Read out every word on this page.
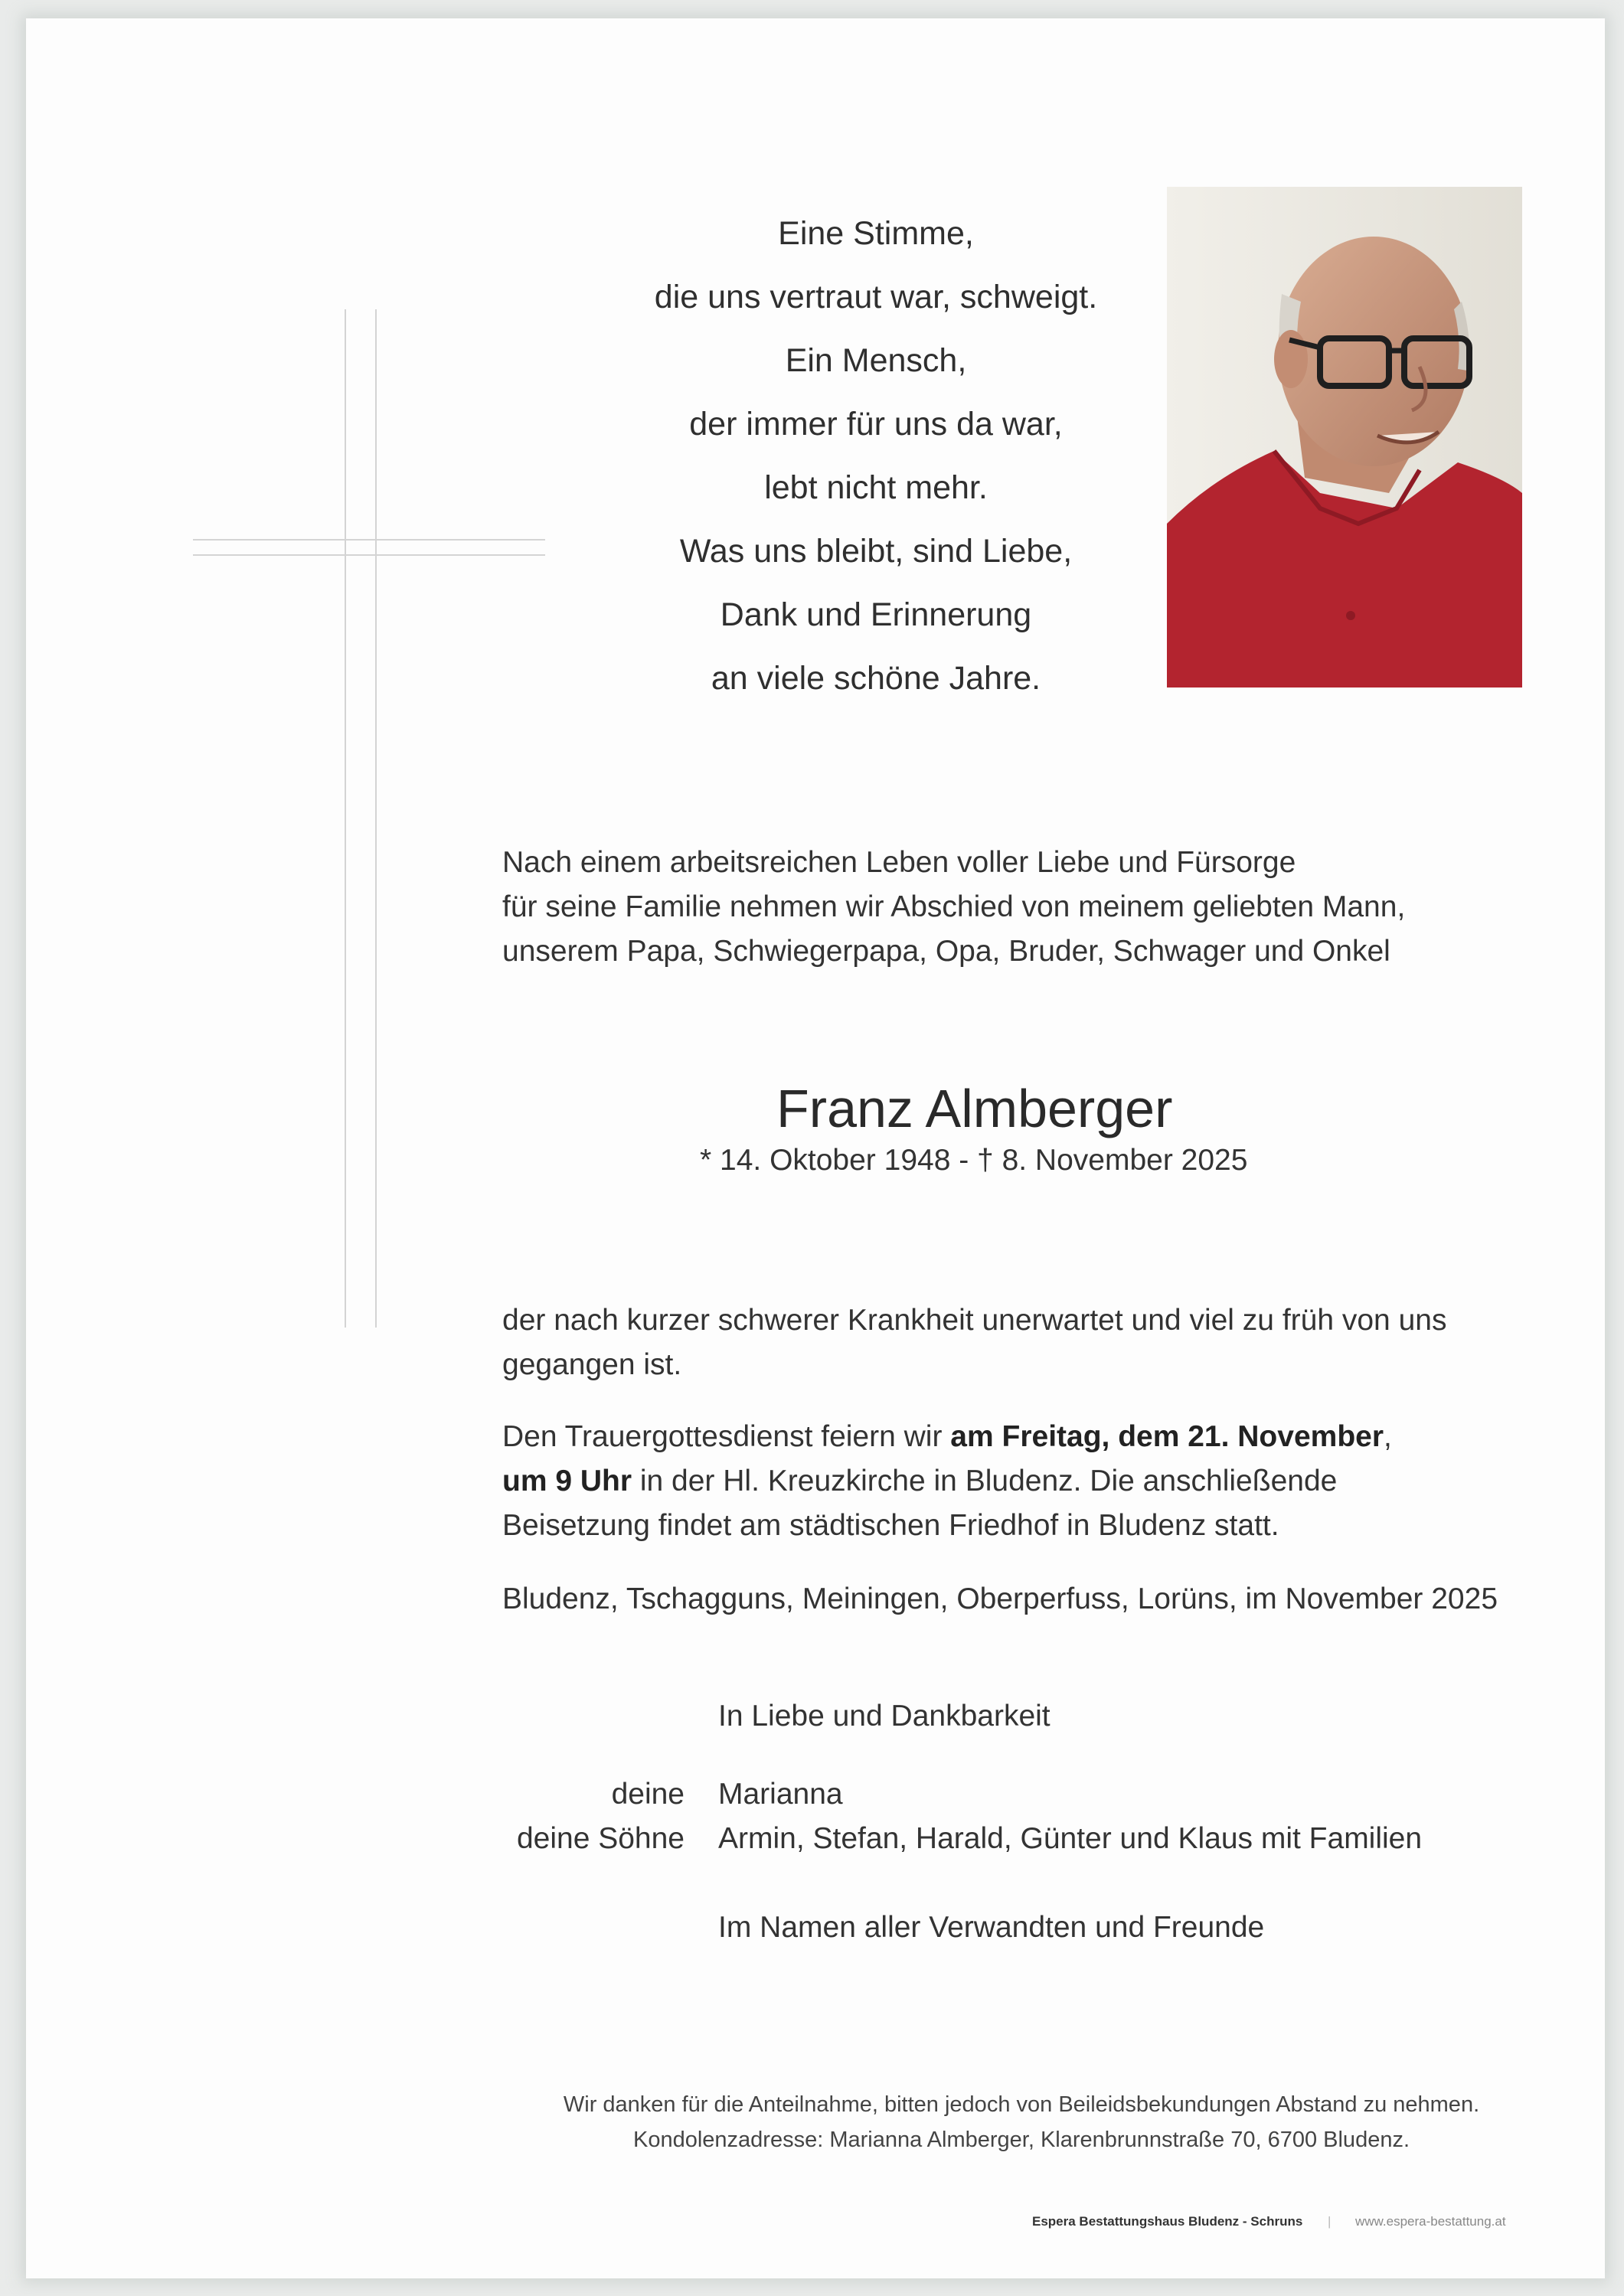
Eine Stimme,
die uns vertraut war, schweigt.
Ein Mensch,
der immer für uns da war,
lebt nicht mehr.
Was uns bleibt, sind Liebe,
Dank und Erinnerung
an viele schöne Jahre.
Nach einem arbeitsreichen Leben voller Liebe und Fürsorge
für seine Familie nehmen wir Abschied von meinem geliebten Mann,
unserem Papa, Schwiegerpapa, Opa, Bruder, Schwager und Onkel
Franz Almberger
* 14. Oktober 1948 - † 8. November 2025
der nach kurzer schwerer Krankheit unerwartet und viel zu früh von uns
gegangen ist.
Den Trauergottesdienst feiern wir am Freitag, dem 21. November,
um 9 Uhr in der Hl. Kreuzkirche in Bludenz. Die anschließende
Beisetzung findet am städtischen Friedhof in Bludenz statt.
Bludenz, Tschagguns, Meiningen, Oberperfuss, Lorüns, im November 2025
In Liebe und Dankbarkeit
deine Marianna
deine Söhne Armin, Stefan, Harald, Günter und Klaus mit Familien
Im Namen aller Verwandten und Freunde
Wir danken für die Anteilnahme, bitten jedoch von Beileidsbekundungen Abstand zu nehmen.
Kondolenzadresse: Marianna Almberger, Klarenbrunnstraße 70, 6700 Bludenz.
Espera Bestattungshaus Bludenz - Schruns | www.espera-bestattung.at
